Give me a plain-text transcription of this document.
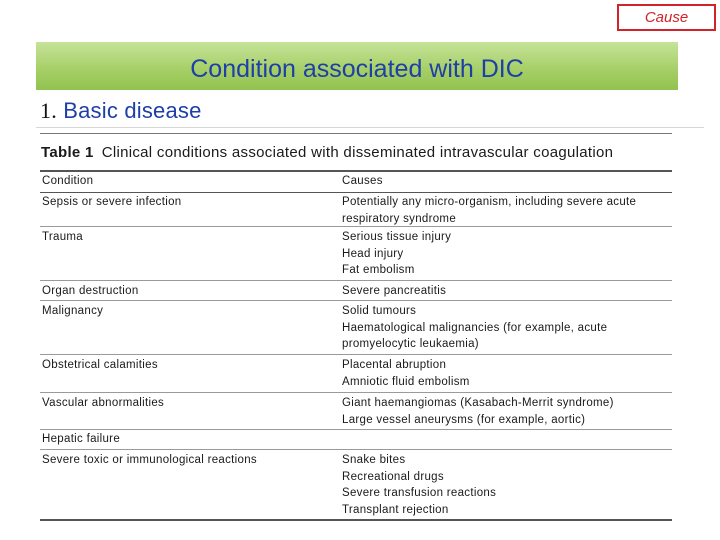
Cause
Condition associated with DIC
1. Basic disease
Table 1 Clinical conditions associated with disseminated intravascular coagulation
Condition	Causes
Sepsis or severe infection	Potentially any micro-organism, including severe acute
respiratory syndrome
Trauma	Serious tissue injury
Head injury
Fat embolism
Organ destruction	Severe pancreatitis
Malignancy	Solid tumours
Haematological malignancies (for example, acute
promyelocytic leukaemia)
Obstetrical calamities	Placental abruption
Amniotic fluid embolism
Vascular abnormalities	Giant haemangiomas (Kasabach-Merrit syndrome)
Large vessel aneurysms (for example, aortic)
Hepatic failure
Severe toxic or immunological reactions	Snake bites
Recreational drugs
Severe transfusion reactions
Transplant rejection
